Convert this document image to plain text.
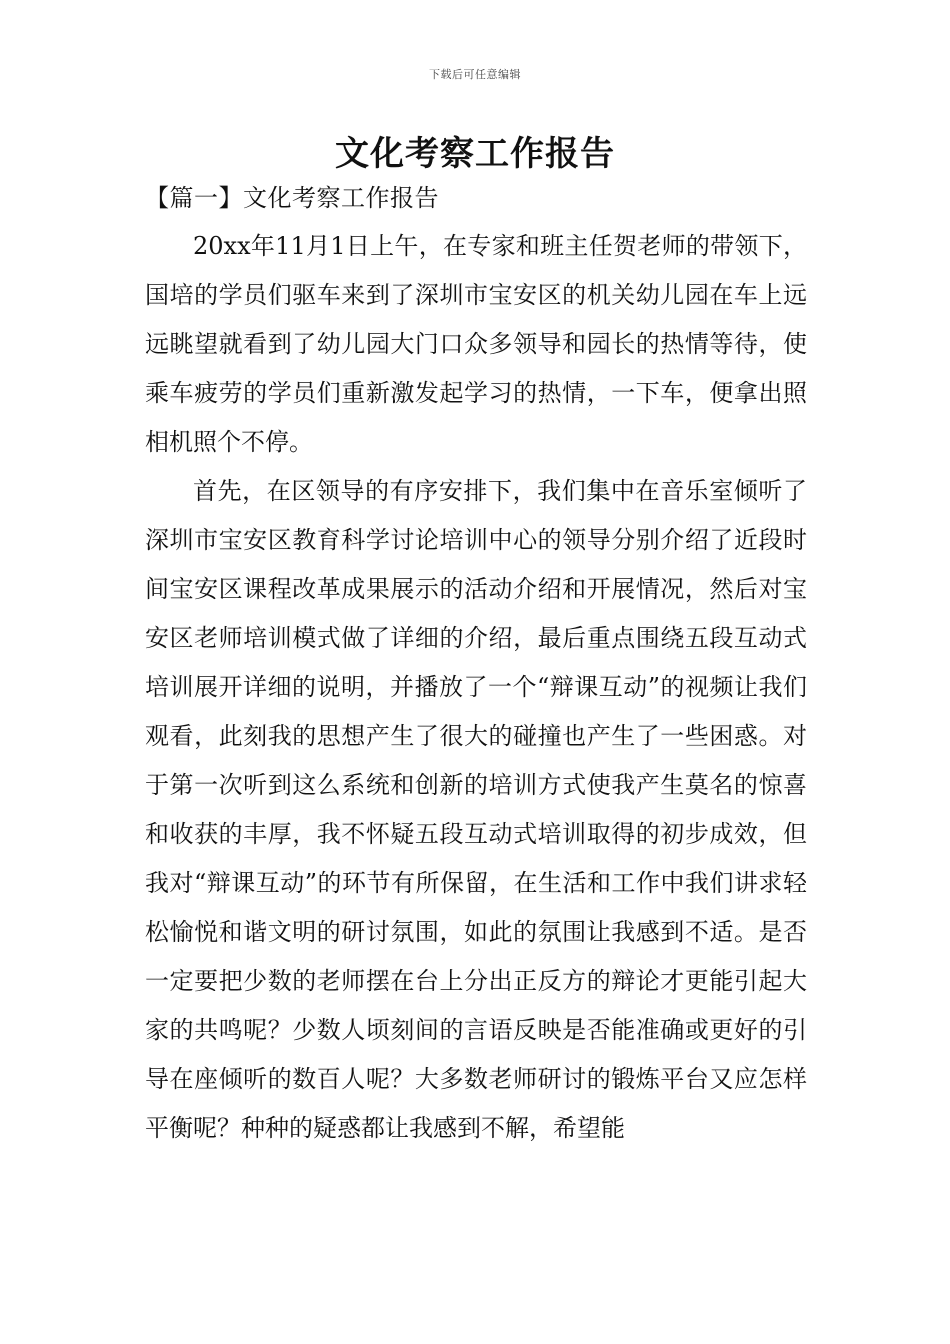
下载后可任意编辑
文化考察工作报告
【篇一】文化考察工作报告

20xx年11月1日上午，在专家和班主任贺老师的带领下，国培的学员们驱车来到了深圳市宝安区的机关幼儿园在车上远远眺望就看到了幼儿园大门口众多领导和园长的热情等待，使乘车疲劳的学员们重新激发起学习的热情，一下车，便拿出照相机照个不停。

首先，在区领导的有序安排下，我们集中在音乐室倾听了深圳市宝安区教育科学讨论培训中心的领导分别介绍了近段时间宝安区课程改革成果展示的活动介绍和开展情况，然后对宝安区老师培训模式做了详细的介绍，最后重点围绕五段互动式培训展开详细的说明，并播放了一个“辩课互动”的视频让我们观看，此刻我的思想产生了很大的碰撞也产生了一些困惑。对于第一次听到这么系统和创新的培训方式使我产生莫名的惊喜和收获的丰厚，我不怀疑五段互动式培训取得的初步成效，但我对“辩课互动”的环节有所保留，在生活和工作中我们讲求轻松愉悦和谐文明的研讨氛围，如此的氛围让我感到不适。是否一定要把少数的老师摆在台上分出正反方的辩论才更能引起大家的共鸣呢？少数人顷刻间的言语反映是否能准确或更好的引导在座倾听的数百人呢？大多数老师研讨的锻炼平台又应怎样平衡呢？种种的疑惑都让我感到不解，希望能
